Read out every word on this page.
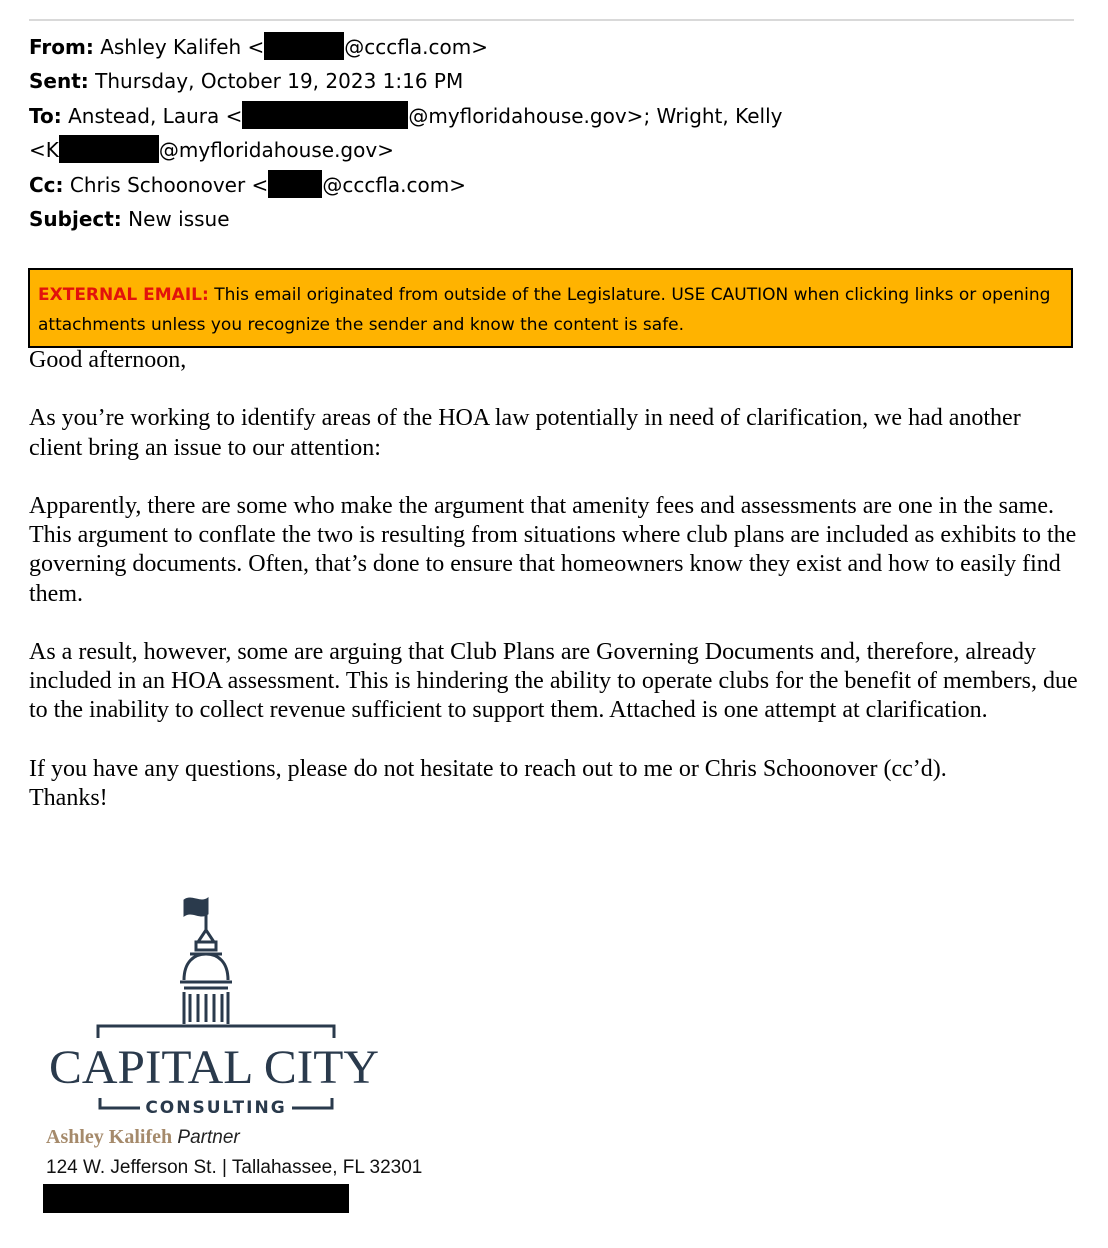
From: Ashley Kalifeh <	@cccfla.com>
Sent: Thursday, October 19, 2023 1:16 PM
To: Anstead, Laura <	@myfloridahouse.gov>; Wright, Kelly
<K	@myfloridahouse.gov>
Cc: Chris Schoonover <	@cccfla.com>
Subject: New issue
EXTERNAL EMAIL: This email originated from outside of the Legislature. USE CAUTION when clicking links or opening attachments unless you recognize the sender and know the content is safe.

Good afternoon,

As you’re working to identify areas of the HOA law potentially in need of clarification, we had another client bring an issue to our attention:

Apparently, there are some who make the argument that amenity fees and assessments are one in the same. This argument to conflate the two is resulting from situations where club plans are included as exhibits to the governing documents. Often, that’s done to ensure that homeowners know they exist and how to easily find them.

As a result, however, some are arguing that Club Plans are Governing Documents and, therefore, already included in an HOA assessment. This is hindering the ability to operate clubs for the benefit of members, due to the inability to collect revenue sufficient to support them. Attached is one attempt at clarification.

If you have any questions, please do not hesitate to reach out to me or Chris Schoonover (cc’d).
Thanks!
CAPITAL CITY
CONSULTING
Ashley Kalifeh Partner
124 W. Jefferson St. | Tallahassee, FL 32301
